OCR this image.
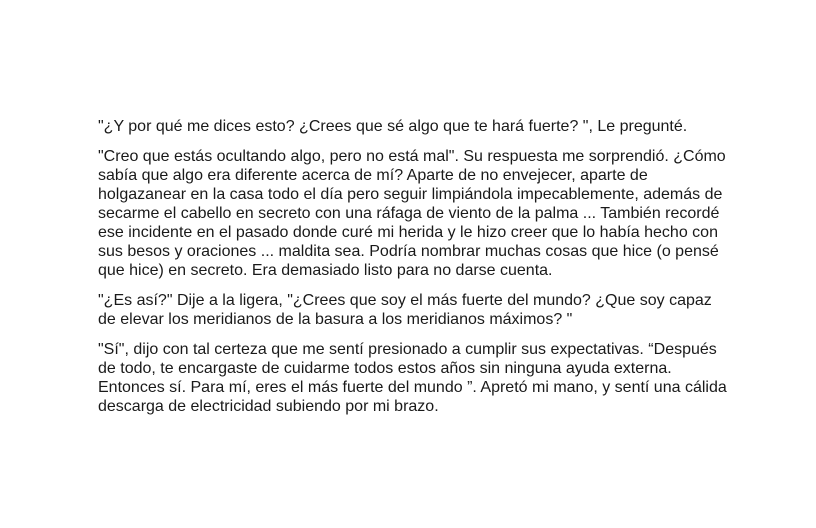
"¿Y por qué me dices esto? ¿Crees que sé algo que te hará fuerte? ", Le pregunté.

"Creo que estás ocultando algo, pero no está mal". Su respuesta me sorprendió. ¿Cómo
sabía que algo era diferente acerca de mí? Aparte de no envejecer, aparte de
holgazanear en la casa todo el día pero seguir limpiándola impecablemente, además de
secarme el cabello en secreto con una ráfaga de viento de la palma ... También recordé
ese incidente en el pasado donde curé mi herida y le hizo creer que lo había hecho con
sus besos y oraciones ... maldita sea. Podría nombrar muchas cosas que hice (o pensé
que hice) en secreto. Era demasiado listo para no darse cuenta.

"¿Es así?" Dije a la ligera, "¿Crees que soy el más fuerte del mundo? ¿Que soy capaz
de elevar los meridianos de la basura a los meridianos máximos? "

"Sí", dijo con tal certeza que me sentí presionado a cumplir sus expectativas. “Después
de todo, te encargaste de cuidarme todos estos años sin ninguna ayuda externa.
Entonces sí. Para mí, eres el más fuerte del mundo ”. Apretó mi mano, y sentí una cálida
descarga de electricidad subiendo por mi brazo.
